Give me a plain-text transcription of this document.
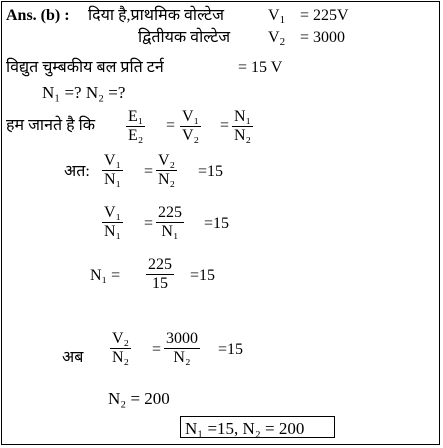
Ans. (b) : दिया है,प्राथमिक वोल्टेज	$V_1 = 225V$
द्वितीयक वोल्टेज $V_2 = 3000$
विद्युत चुम्बकीय बल प्रति टर्न	= 15 V
N₁ =? N₂ =?
हम जानते है कि $\frac{\text{E₁}}{\text{E₂}} = \frac{\text{V₁}}{\text{V₂}} = \frac{\text{N₁}}{\text{N₂}}$
अत: $\frac{\text{V₁}}{\text{N₁}} = \frac{\text{V₂}}{\text{N₂}} =15$
$\frac{\text{V₁}}{\text{N₁}} = \frac{225}{\text{N₁}} =15$
$N_1 = \frac{225}{15} =15$
अब $\frac{\text{V₂}}{\text{N₂}} = \frac{3000}{\text{N₂}} =15$
N₂ = 200
N₁ =15, N₂ = 200
